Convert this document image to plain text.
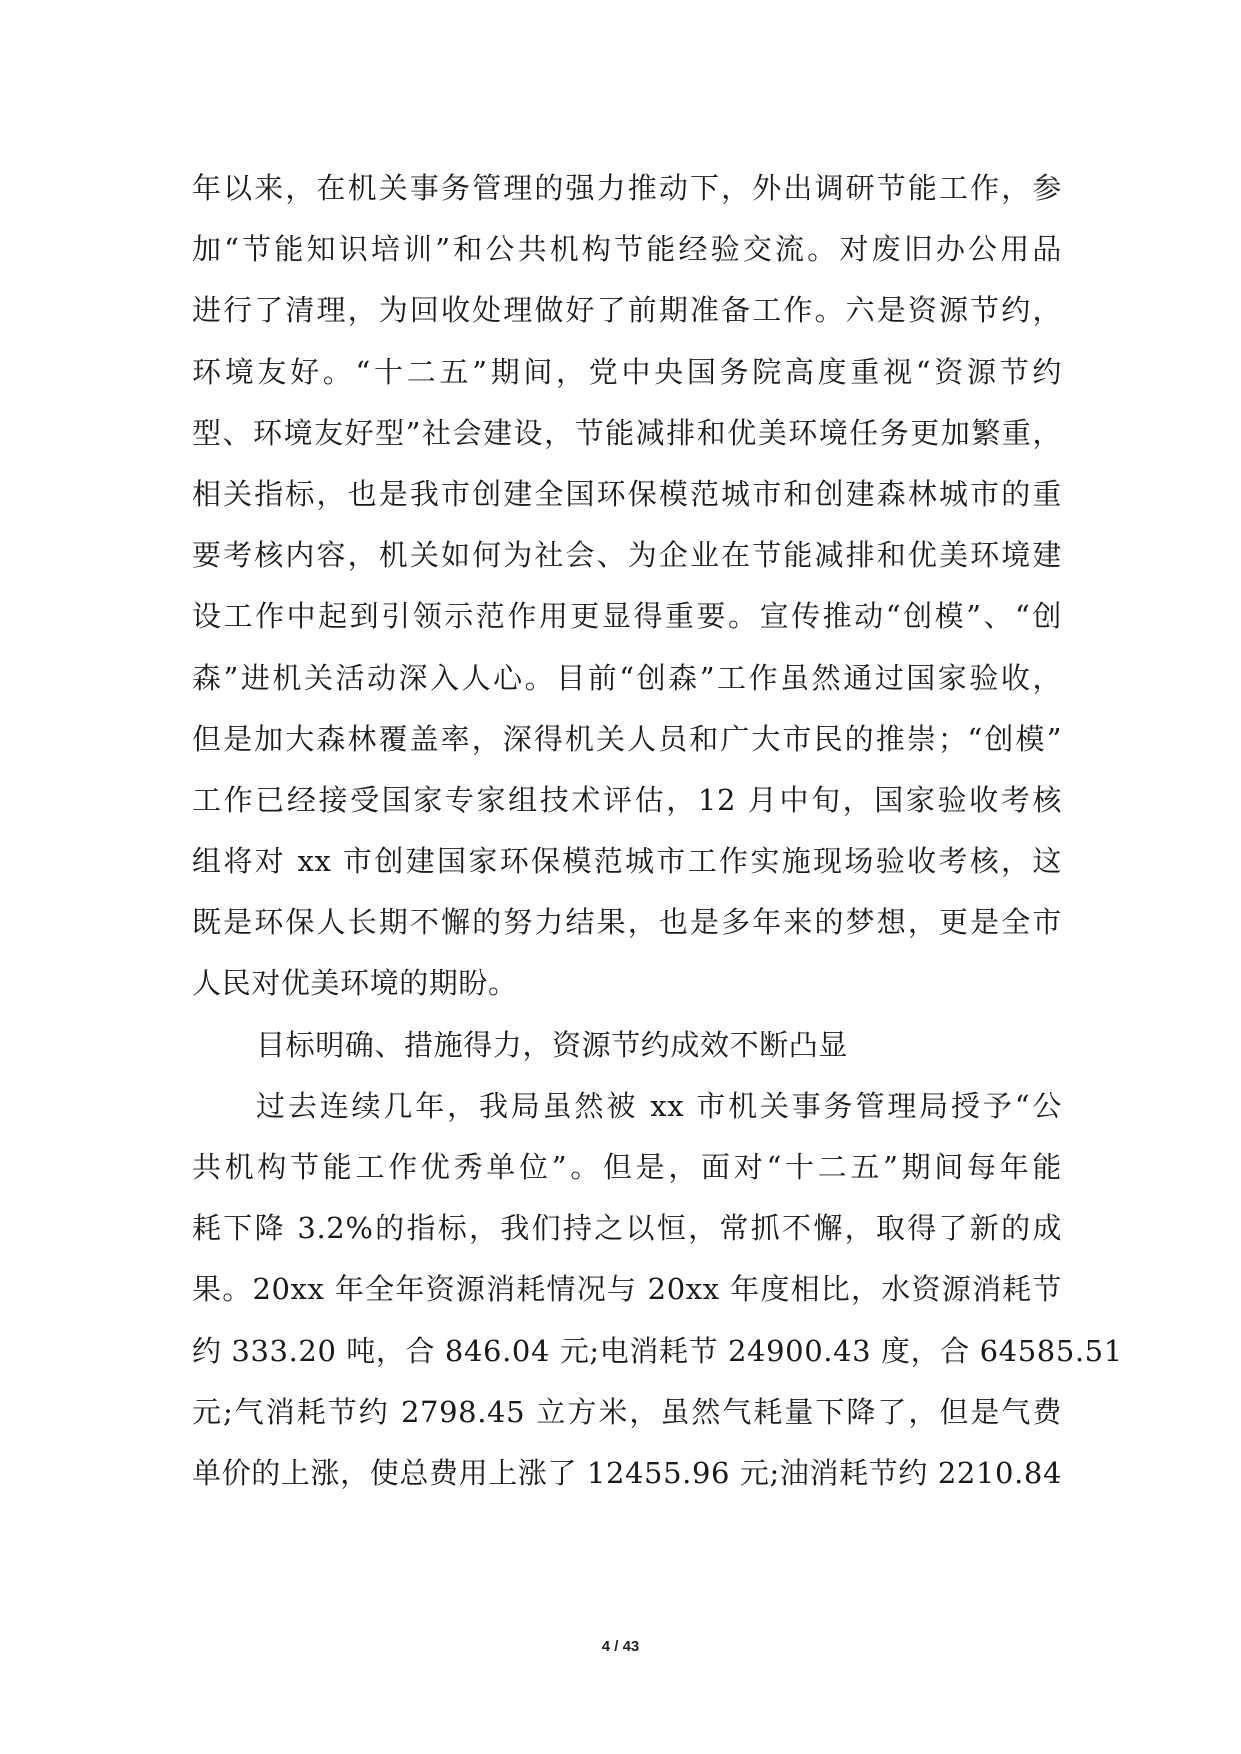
年以来，在机关事务管理的强力推动下，外出调研节能工作，参
加“节能知识培训”和公共机构节能经验交流。对废旧办公用品
进行了清理，为回收处理做好了前期准备工作。六是资源节约，
环境友好。“十二五”期间，党中央国务院高度重视“资源节约
型、环境友好型”社会建设，节能减排和优美环境任务更加繁重，
相关指标，也是我市创建全国环保模范城市和创建森林城市的重
要考核内容，机关如何为社会、为企业在节能减排和优美环境建
设工作中起到引领示范作用更显得重要。宣传推动“创模”、“创
森”进机关活动深入人心。目前“创森”工作虽然通过国家验收，
但是加大森林覆盖率，深得机关人员和广大市民的推崇；“创模”
工作已经接受国家专家组技术评估，12 月中旬，国家验收考核
组将对 xx 市创建国家环保模范城市工作实施现场验收考核，这
既是环保人长期不懈的努力结果，也是多年来的梦想，更是全市
人民对优美环境的期盼。
目标明确、措施得力，资源节约成效不断凸显
过去连续几年，我局虽然被 xx 市机关事务管理局授予“公
共机构节能工作优秀单位”。但是，面对“十二五”期间每年能
耗下降 3.2%的指标，我们持之以恒，常抓不懈，取得了新的成
果。20xx 年全年资源消耗情况与 20xx 年度相比，水资源消耗节
约 333.20 吨，合 846.04 元;电消耗节 24900.43 度，合 64585.51
元;气消耗节约 2798.45 立方米，虽然气耗量下降了，但是气费
单价的上涨，使总费用上涨了 12455.96 元;油消耗节约 2210.84
4 / 43
